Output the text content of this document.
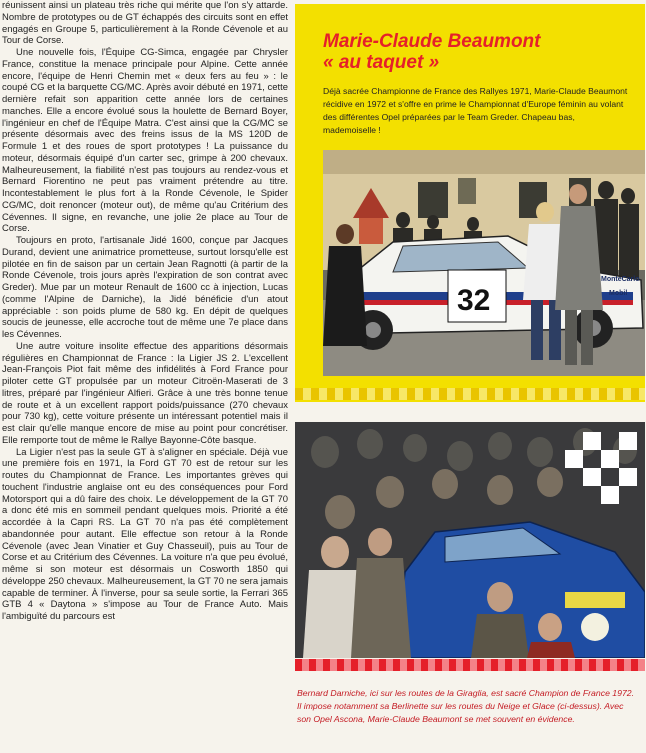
réunissent ainsi un plateau très riche qui mérite que l'on s'y attarde. Nombre de prototypes ou de GT échappés des circuits sont en effet engagés en Groupe 5, particulièrement à la Ronde Cévenole et au Tour de Corse.

Une nouvelle fois, l'Équipe CG-Simca, engagée par Chrysler France, constitue la menace principale pour Alpine. Cette année encore, l'équipe de Henri Chemin met « deux fers au feu » : le coupé CG et la barquette CG/MC. Après avoir débuté en 1971, cette dernière refait son apparition cette année lors de certaines manches. Elle a encore évolué sous la houlette de Bernard Boyer, l'ingénieur en chef de l'Équipe Matra. C'est ainsi que la CG/MC se présente désormais avec des freins issus de la MS 120D de Formule 1 et des roues de sport prototypes ! La puissance du moteur, désormais équipé d'un carter sec, grimpe à 200 chevaux. Malheureusement, la fiabilité n'est pas toujours au rendez-vous et Bernard Fiorentino ne peut pas vraiment prétendre au titre. Incontestablement le plus fort à la Ronde Cévenole, le Spider CG/MC, doit renoncer (moteur out), de même qu'au Critérium des Cévennes. Il signe, en revanche, une jolie 2e place au Tour de Corse.

Toujours en proto, l'artisanale Jidé 1600, conçue par Jacques Durand, devient une animatrice prometteuse, surtout lorsqu'elle est pilotée en fin de saison par un certain Jean Ragnotti (à partir de la Ronde Cévenole, trois jours après l'expiration de son contrat avec Greder). Mue par un moteur Renault de 1600 cc à injection, Lucas (comme l'Alpine de Darniche), la Jidé bénéficie d'un atout appréciable : son poids plume de 580 kg. En dépit de quelques soucis de jeunesse, elle accroche tout de même une 7e place dans les Cévennes.

Une autre voiture insolite effectue des apparitions désormais régulières en Championnat de France : la Ligier JS 2. L'excellent Jean-François Piot fait même des infidélités à Ford France pour piloter cette GT propulsée par un moteur Citroën-Maserati de 3 litres, préparé par l'ingénieur Alfieri. Grâce à une très bonne tenue de route et à un excellent rapport poids/puissance (270 chevaux pour 730 kg), cette voiture présente un intéressant potentiel mais il est clair qu'elle manque encore de mise au point pour concrétiser. Elle remporte tout de même le Rallye Bayonne-Côte basque.

La Ligier n'est pas la seule GT à s'aligner en spéciale. Déjà vue une première fois en 1971, la Ford GT 70 est de retour sur les routes du Championnat de France. Les importantes grèves qui touchent l'industrie anglaise ont eu des conséquences pour Ford Motorsport qui a dû faire des choix. Le développement de la GT 70 a donc été mis en sommeil pendant quelques mois. Priorité a été accordée à la Capri RS. La GT 70 n'a pas été complètement abandonnée pour autant. Elle effectue son retour à la Ronde Cévenole (avec Jean Vinatier et Guy Chasseuil), puis au Tour de Corse et au Critérium des Cévennes. La voiture n'a que peu évolué, même si son moteur est désormais un Cosworth 1850 qui développe 250 chevaux. Malheureusement, la GT 70 ne sera jamais capable de terminer. À l'inverse, pour sa seule sortie, la Ferrari 365 GTB 4 « Daytona » s'impose au Tour de France Auto. Mais l'ambiguïté du parcours est

Marie-Claude Beaumont
« au taquet »

Déjà sacrée Championne de France des Rallyes 1971, Marie-Claude Beaumont récidive en 1972 et s'offre en prime le Championnat d'Europe féminin au volant des différentes Opel préparées par le Team Greder. Chapeau bas, mademoiselle !

32
MonteCarlo
Mobil

Bernard Darniche, ici sur les routes de la Giraglia, est sacré Champion de France 1972. Il impose notamment sa Berlinette sur les routes du Neige et Glace (ci-dessus). Avec son Opel Ascona, Marie-Claude Beaumont se met souvent en évidence.
